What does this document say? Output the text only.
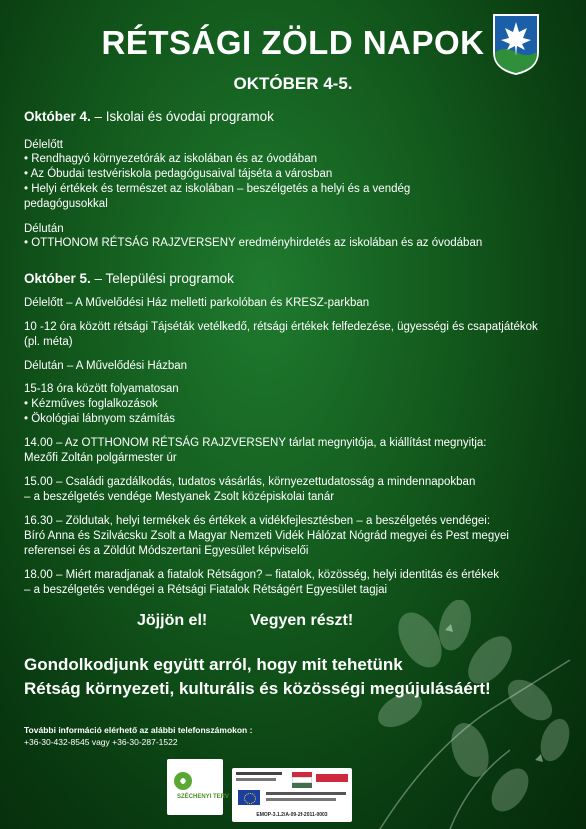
RÉTSÁGI ZÖLD NAPOK
OKTÓBER 4-5.
Október 4. – Iskolai és óvodai programok
Délelőtt
• Rendhagyó környezetórák az iskolában és az óvodában
• Az Óbudai testvériskola pedagógusaival tájséta a városban
• Helyi értékek és természet az iskolában – beszélgetés a helyi és a vendég
pedagógusokkal
Délután
• OTTHONOM RÉTSÁG RAJZVERSENY eredményhirdetés az iskolában és az óvodában
Október 5. – Települési programok
Délelőtt – A Művelődési Ház melletti parkolóban és KRESZ-parkban
10 -12 óra között rétsági Tájséták vetélkedő, rétsági értékek felfedezése, ügyességi és csapatjátékok
(pl. méta)
Délután – A Művelődési Házban
15-18 óra között folyamatosan
• Kézműves foglalkozások
• Ökológiai lábnyom számítás
14.00 – Az OTTHONOM RÉTSÁG RAJZVERSENY tárlat megnyitója, a kiállítást megnyitja:
Mezőfi Zoltán polgármester úr
15.00 – Családi gazdálkodás, tudatos vásárlás, környezettudatosság a mindennapokban
– a beszélgetés vendége Mestyanek Zsolt középiskolai tanár
16.30 – Zöldutak, helyi termékek és értékek a vidékfejlesztésben – a beszélgetés vendégei:
Bíró Anna és Szilvácsku Zsolt a Magyar Nemzeti Vidék Hálózat Nógrád megyei és Pest megyei
referensei és a Zöldút Módszertani Egyesület képviselői
18.00 – Miért maradjanak a fiatalok Rétságon? – fiatalok, közösség, helyi identitás és értékek
– a beszélgetés vendégei a Rétsági Fiatalok Rétságért Egyesület tagjai
Jöjjön el!	Vegyen részt!
Gondolkodjunk együtt arról, hogy mit tehetünk
Rétság környezeti, kulturális és közösségi megújulásáért!
További információ elérhető az alábbi telefonszámokon :
+36-30-432-8545 vagy +36-30-287-1522
SZÉCHENYI TERV
EMOP-3.1.2/A-09-2f-2011-0003
